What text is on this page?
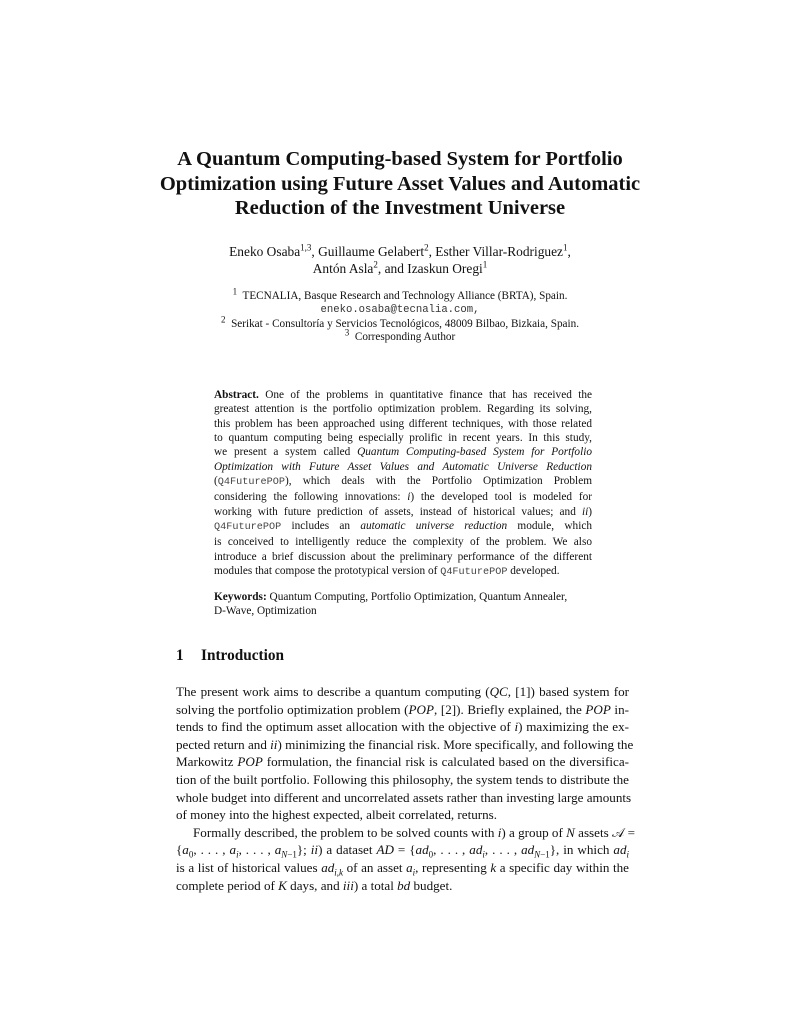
A Quantum Computing-based System for Portfolio
Optimization using Future Asset Values and Automatic
Reduction of the Investment Universe
Eneko Osaba$^{1,3}$, Guillaume Gelabert$^2$, Esther Villar-Rodriguez$^1$,
Antón Asla$^2$, and Izaskun Oregi$^1$
$^1$ TECNALIA, Basque Research and Technology Alliance (BRTA), Spain.
eneko.osaba@tecnalia.com,
$^2$ Serikat - Consultoría y Servicios Tecnológicos, 48009 Bilbao, Bizkaia, Spain.
$^3$ Corresponding Author
Abstract. One of the problems in quantitative finance that has received the
greatest attention is the portfolio optimization problem. Regarding its solving,
this problem has been approached using different techniques, with those related
to quantum computing being especially prolific in recent years. In this study,
we present a system called Quantum Computing-based System for Portfolio
Optimization with Future Asset Values and Automatic Universe Reduction
(Q4FuturePOP), which deals with the Portfolio Optimization Problem
considering the following innovations: i) the developed tool is modeled for
working with future prediction of assets, instead of historical values; and ii)
Q4FuturePOP includes an automatic universe reduction module, which
is conceived to intelligently reduce the complexity of the problem. We also
introduce a brief discussion about the preliminary performance of the different
modules that compose the prototypical version of Q4FuturePOP developed.
Keywords: Quantum Computing, Portfolio Optimization, Quantum Annealer,
D-Wave, Optimization
1 Introduction
The present work aims to describe a quantum computing (QC, [1]) based system for
solving the portfolio optimization problem (POP, [2]). Briefly explained, the POP in-
tends to find the optimum asset allocation with the objective of i) maximizing the ex-
pected return and ii) minimizing the financial risk. More specifically, and following the
Markowitz POP formulation, the financial risk is calculated based on the diversifica-
tion of the built portfolio. Following this philosophy, the system tends to distribute the
whole budget into different and uncorrelated assets rather than investing large amounts
of money into the highest expected, albeit correlated, returns.
Formally described, the problem to be solved counts with i) a group of N assets 𝒜 =
{$a_0$, . . . , $a_i$, . . . , $a_{N-1}$}; ii) a dataset AD = {$ad_0$, . . . , $ad_i$, . . . , $ad_{N-1}$}, in which $ad_i$
is a list of historical values $ad_{i,k}$ of an asset $a_i$, representing k a specific day within the
complete period of K days, and iii) a total bd budget.
